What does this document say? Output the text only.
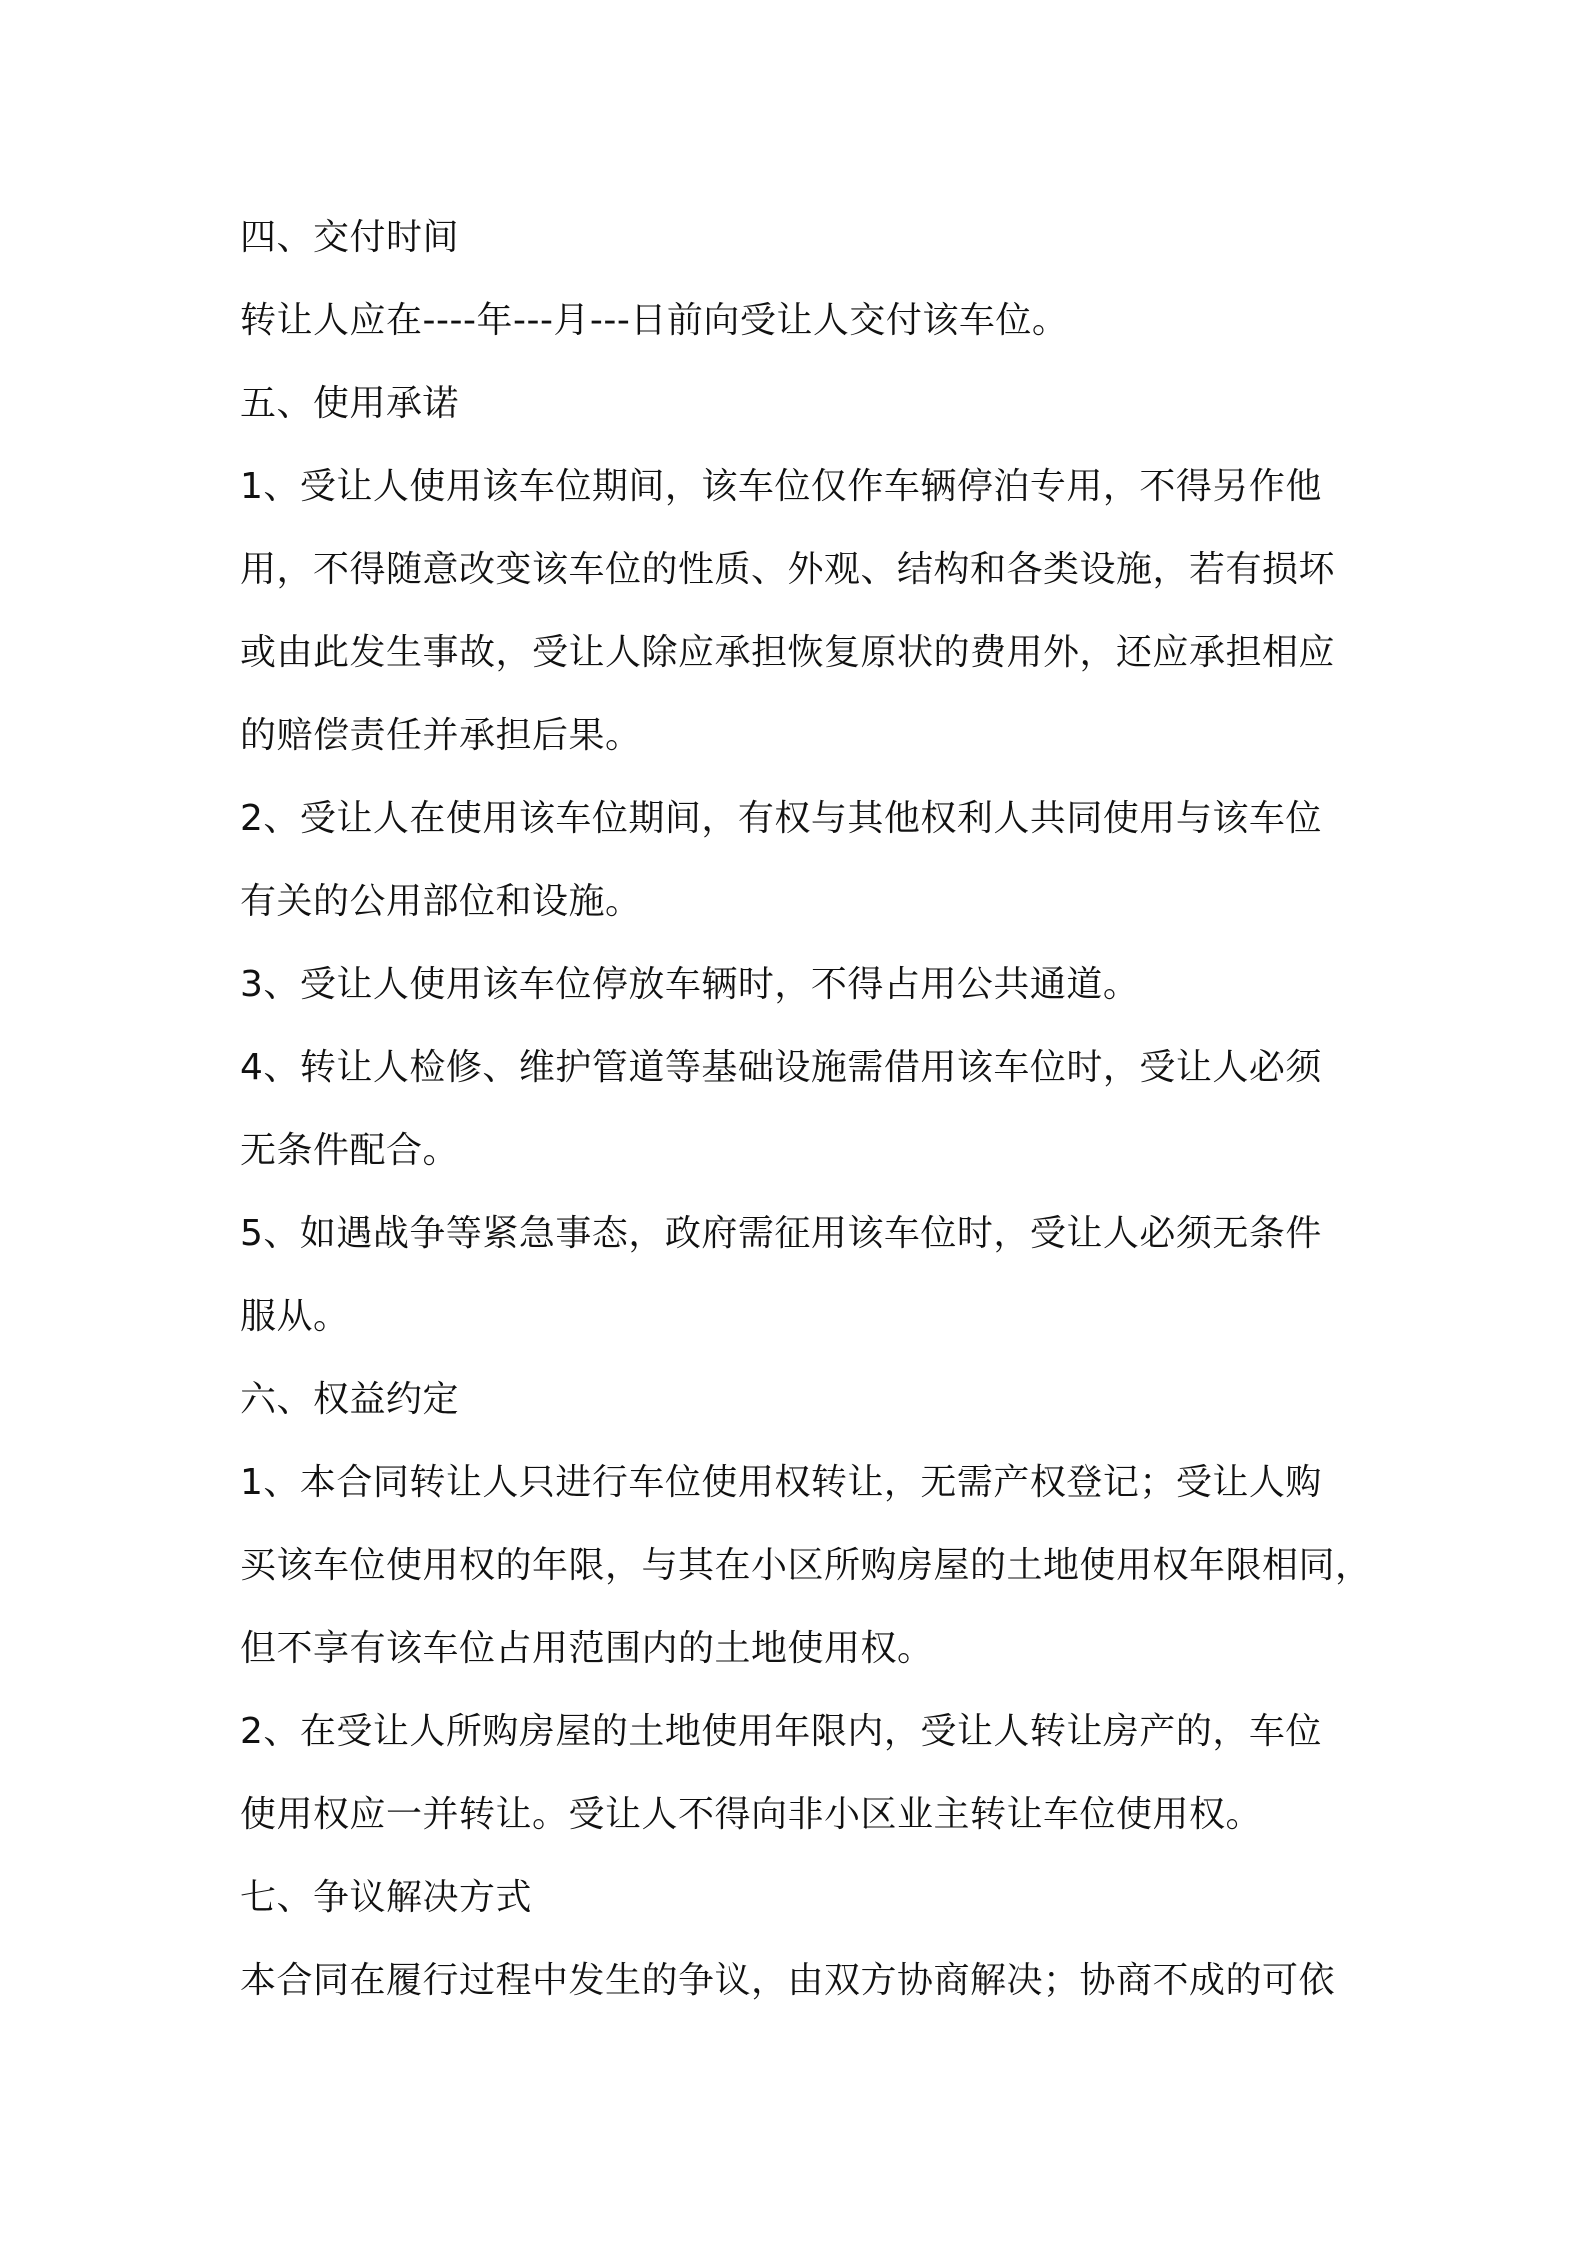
四、交付时间
转让人应在----年---月---日前向受让人交付该车位。
五、使用承诺
1、受让人使用该车位期间，该车位仅作车辆停泊专用，不得另作他
用，不得随意改变该车位的性质、外观、结构和各类设施，若有损坏
或由此发生事故，受让人除应承担恢复原状的费用外，还应承担相应
的赔偿责任并承担后果。
2、受让人在使用该车位期间，有权与其他权利人共同使用与该车位
有关的公用部位和设施。
3、受让人使用该车位停放车辆时，不得占用公共通道。
4、转让人检修、维护管道等基础设施需借用该车位时，受让人必须
无条件配合。
5、如遇战争等紧急事态，政府需征用该车位时，受让人必须无条件
服从。
六、权益约定
1、本合同转让人只进行车位使用权转让，无需产权登记；受让人购
买该车位使用权的年限，与其在小区所购房屋的土地使用权年限相同，
但不享有该车位占用范围内的土地使用权。
2、在受让人所购房屋的土地使用年限内，受让人转让房产的，车位
使用权应一并转让。受让人不得向非小区业主转让车位使用权。
七、争议解决方式
本合同在履行过程中发生的争议，由双方协商解决；协商不成的可依
